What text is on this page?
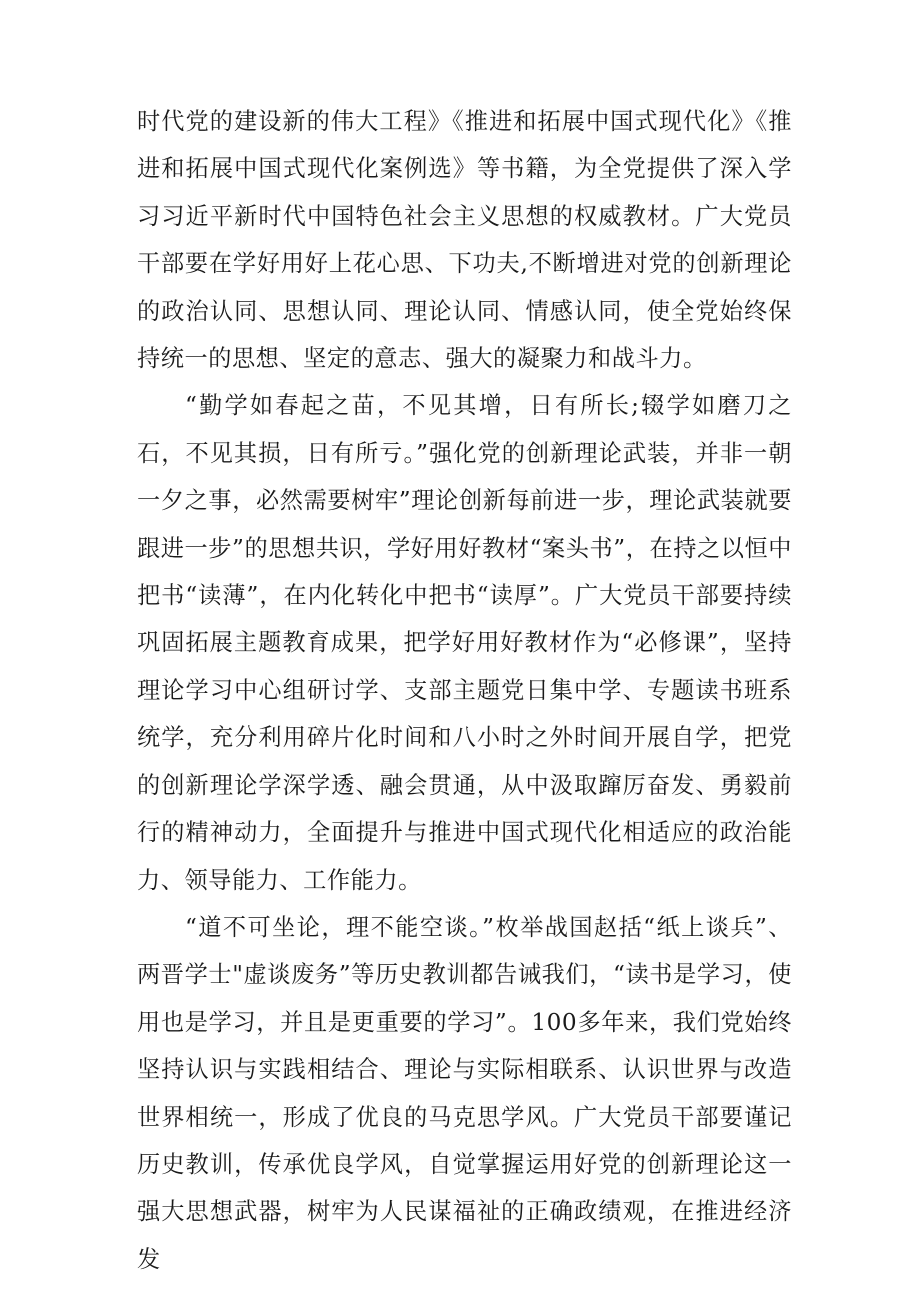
时代党的建设新的伟大工程》《推进和拓展中国式现代化》《推进和拓展中国式现代化案例选》等书籍，为全党提供了深入学习习近平新时代中国特色社会主义思想的权威教材。广大党员干部要在学好用好上花心思、下功夫,不断增进对党的创新理论的政治认同、思想认同、理论认同、情感认同，使全党始终保持统一的思想、坚定的意志、强大的凝聚力和战斗力。

“勤学如春起之苗，不见其增，日有所长;辍学如磨刀之石，不见其损，日有所亏。”强化党的创新理论武装，并非一朝一夕之事，必然需要树牢”理论创新每前进一步，理论武装就要跟进一步”的思想共识，学好用好教材“案头书”，在持之以恒中把书“读薄”，在内化转化中把书“读厚”。广大党员干部要持续巩固拓展主题教育成果，把学好用好教材作为“必修课”，坚持理论学习中心组研讨学、支部主题党日集中学、专题读书班系统学，充分利用碎片化时间和八小时之外时间开展自学，把党的创新理论学深学透、融会贯通，从中汲取蹿厉奋发、勇毅前行的精神动力，全面提升与推进中国式现代化相适应的政治能力、领导能力、工作能力。

“道不可坐论，理不能空谈。”枚举战国赵括“纸上谈兵”、两晋学士"虚谈废务”等历史教训都告诫我们，“读书是学习，使用也是学习，并且是更重要的学习”。100多年来，我们党始终坚持认识与实践相结合、理论与实际相联系、认识世界与改造世界相统一，形成了优良的马克思学风。广大党员干部要谨记历史教训，传承优良学风，自觉掌握运用好党的创新理论这一强大思想武器，树牢为人民谋福祉的正确政绩观，在推进经济发
